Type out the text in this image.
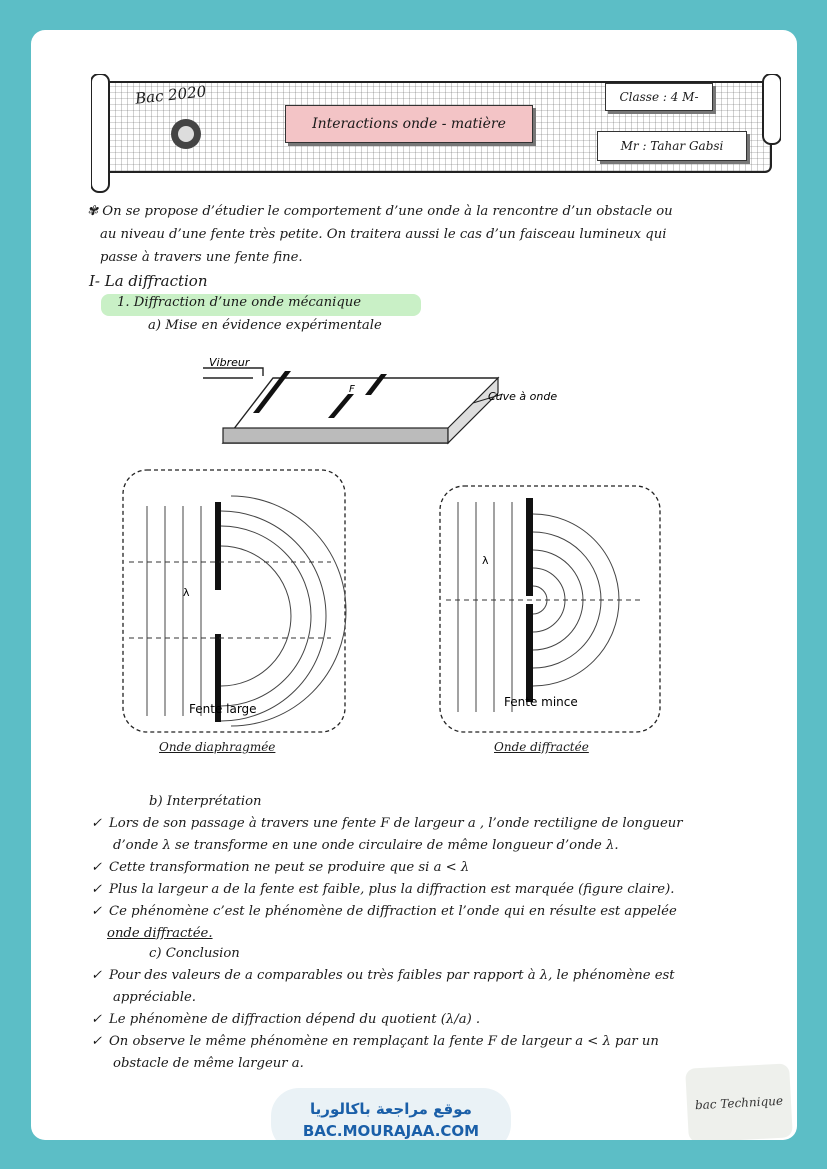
Bac 2020
Interactions onde - matière
Classe : 4 M-
Mr : Tahar Gabsi
✾ On se propose d’étudier le comportement d’une onde à la rencontre d’un obstacle ou
au niveau d’une fente très petite. On traitera aussi le cas d’un faisceau lumineux qui
passe à travers une fente fine.
I- La diffraction
1. Diffraction d’une onde mécanique
a) Mise en évidence expérimentale
Vibreur
F
Cuve à onde
λ
Fente large
Onde diaphragmée
λ
Fente mince
Onde diffractée
b) Interprétation
✓ Lors de son passage à travers une fente F de largeur a , l’onde rectiligne de longueur
d’onde λ se transforme en une onde circulaire de même longueur d’onde λ.
✓ Cette transformation ne peut se produire que si a < λ
✓ Plus la largeur a de la fente est faible, plus la diffraction est marquée (figure claire).
✓ Ce phénomène c’est le phénomène de diffraction et l’onde qui en résulte est appelée
onde diffractée.
c) Conclusion
✓ Pour des valeurs de a comparables ou très faibles par rapport à λ, le phénomène est
appréciable.
✓ Le phénomène de diffraction dépend du quotient (λ/a) .
✓ On observe le même phénomène en remplaçant la fente F de largeur a < λ par un
obstacle de même largeur a.
موقع مراجعة باكالوريا
BAC.MOURAJAA.COM
bac Technique
